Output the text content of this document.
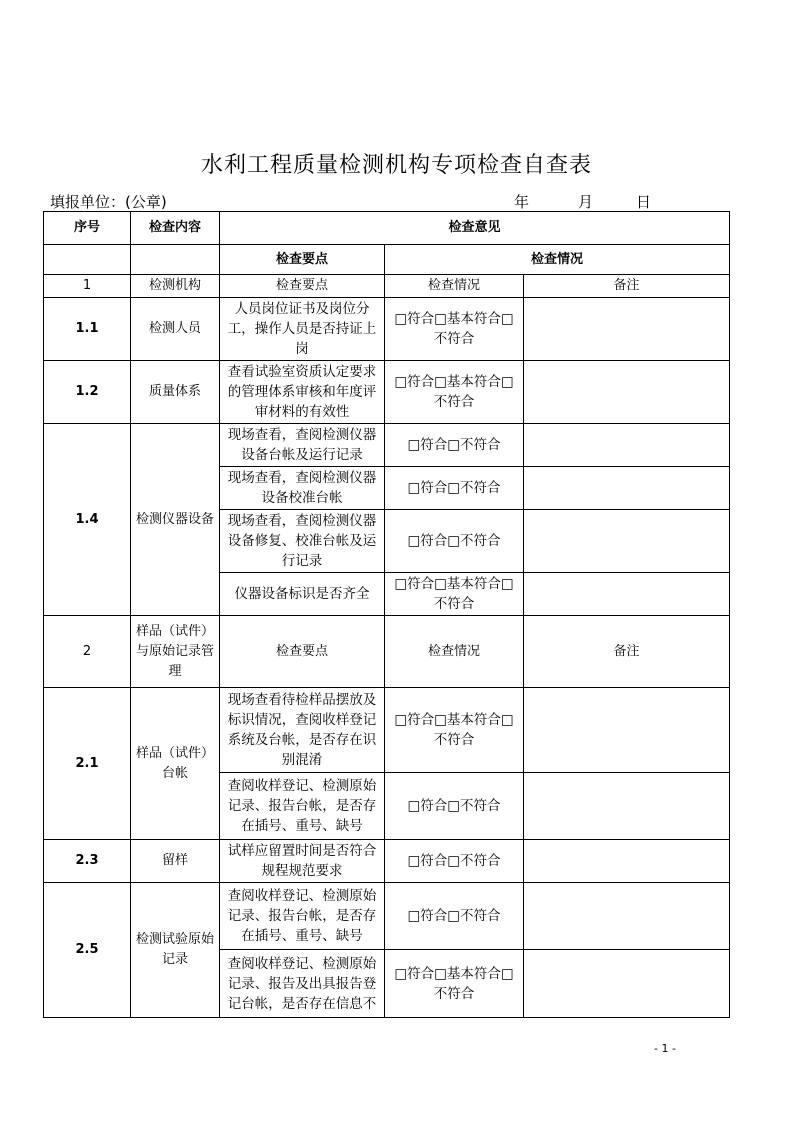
水利工程质量检测机构专项检查自查表
填报单位：(公章)	年	月	日
序号	检查内容	检查意见		
		检查要点	检查情况	
1	检测机构	检查要点	检查情况	备注
1.1	检测人员	人员岗位证书及岗位分工，操作人员是否持证上岗	□符合□基本符合□不符合	
1.2	质量体系	查看试验室资质认定要求的管理体系审核和年度评审材料的有效性	□符合□基本符合□不符合	
1.4	检测仪器设备	现场查看，查阅检测仪器设备台帐及运行记录	□符合□不符合	
		现场查看，查阅检测仪器设备校准台帐	□符合□不符合	
		现场查看，查阅检测仪器设备修复、校准台帐及运行记录	□符合□不符合	
		仪器设备标识是否齐全	□符合□基本符合□不符合	
2	样品（试件）与原始记录管理	检查要点	检查情况	备注
2.1	样品（试件）台帐	现场查看待检样品摆放及标识情况，查阅收样登记系统及台帐，是否存在识别混淆	□符合□基本符合□不符合	
		查阅收样登记、检测原始记录、报告台帐，是否存在插号、重号、缺号	□符合□不符合	
2.3	留样	试样应留置时间是否符合规程规范要求	□符合□不符合	
2.5	检测试验原始记录	查阅收样登记、检测原始记录、报告台帐，是否存在插号、重号、缺号	□符合□不符合	
		查阅收样登记、检测原始记录、报告及出具报告登记台帐，是否存在信息不	□符合□基本符合□不符合	
- 1 -
